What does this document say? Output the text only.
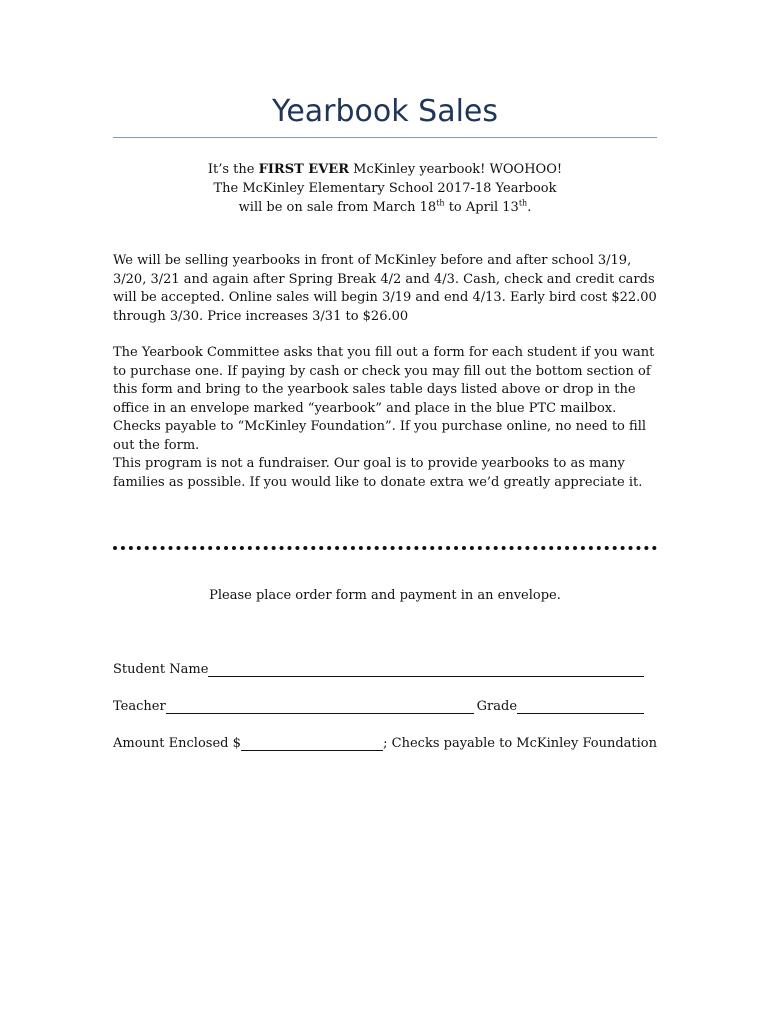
Yearbook Sales
It’s the FIRST EVER McKinley yearbook! WOOHOO!
The McKinley Elementary School 2017-18 Yearbook
will be on sale from March 18th to April 13th.
We will be selling yearbooks in front of McKinley before and after school 3/19, 3/20, 3/21 and again after Spring Break 4/2 and 4/3. Cash, check and credit cards will be accepted. Online sales will begin 3/19 and end 4/13. Early bird cost $22.00 through 3/30. Price increases 3/31 to $26.00
The Yearbook Committee asks that you fill out a form for each student if you want to purchase one. If paying by cash or check you may fill out the bottom section of this form and bring to the yearbook sales table days listed above or drop in the office in an envelope marked “yearbook” and place in the blue PTC mailbox. Checks payable to “McKinley Foundation”. If you purchase online, no need to fill out the form.
This program is not a fundraiser. Our goal is to provide yearbooks to as many families as possible. If you would like to donate extra we’d greatly appreciate it.
Please place order form and payment in an envelope.
Student Name
Teacher	Grade
Amount Enclosed $	; Checks payable to McKinley Foundation
